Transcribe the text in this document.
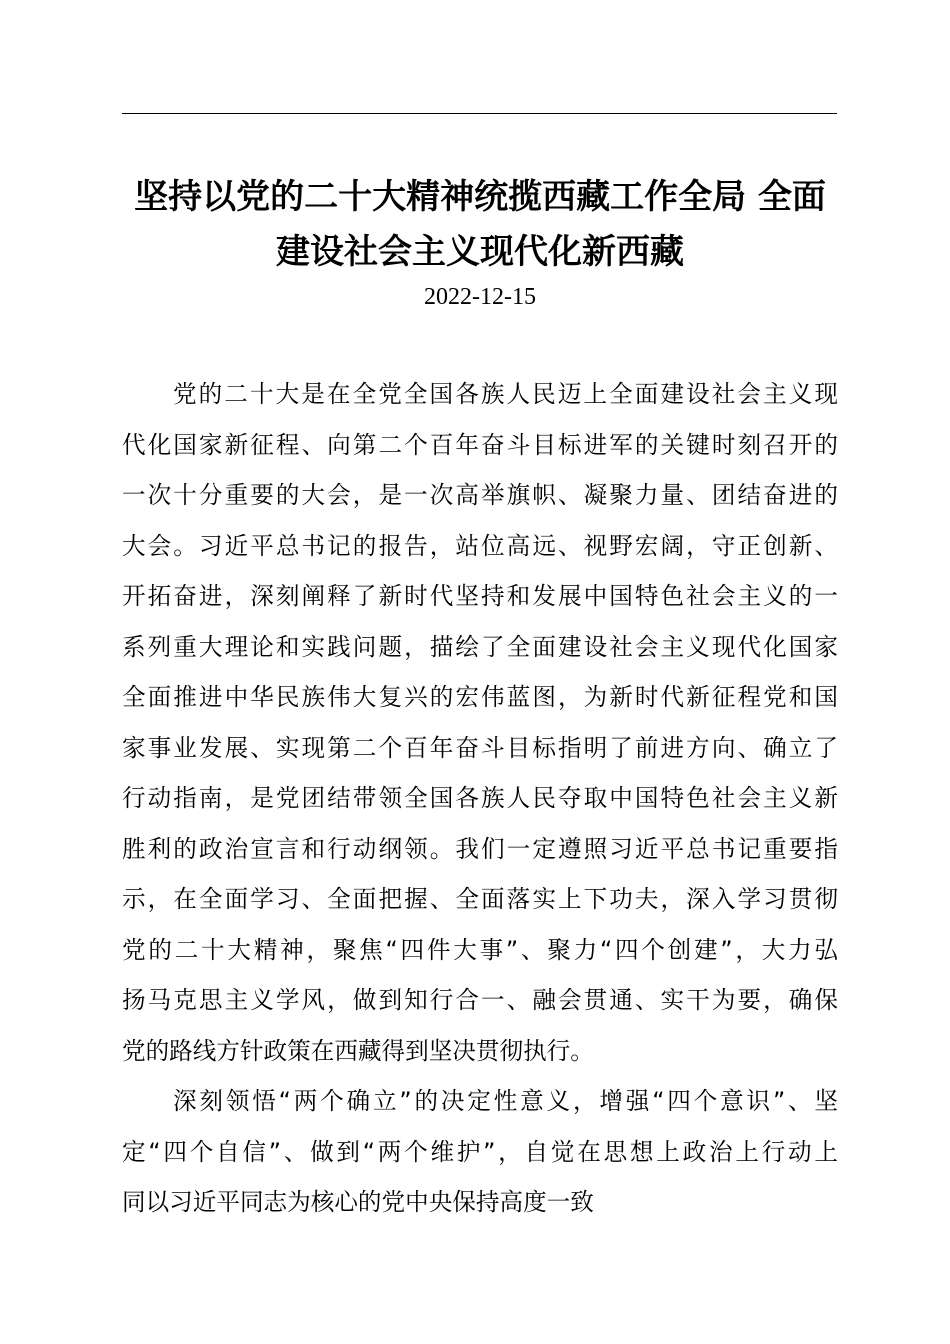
坚持以党的二十大精神统揽西藏工作全局 全面
建设社会主义现代化新西藏
2022-12-15
党的二十大是在全党全国各族人民迈上全面建设社会主义现
代化国家新征程、向第二个百年奋斗目标进军的关键时刻召开的
一次十分重要的大会，是一次高举旗帜、凝聚力量、团结奋进的
大会。习近平总书记的报告，站位高远、视野宏阔，守正创新、
开拓奋进，深刻阐释了新时代坚持和发展中国特色社会主义的一
系列重大理论和实践问题，描绘了全面建设社会主义现代化国家
全面推进中华民族伟大复兴的宏伟蓝图，为新时代新征程党和国
家事业发展、实现第二个百年奋斗目标指明了前进方向、确立了
行动指南，是党团结带领全国各族人民夺取中国特色社会主义新
胜利的政治宣言和行动纲领。我们一定遵照习近平总书记重要指
示，在全面学习、全面把握、全面落实上下功夫，深入学习贯彻
党的二十大精神，聚焦“四件大事”、聚力“四个创建”，大力弘
扬马克思主义学风，做到知行合一、融会贯通、实干为要，确保
党的路线方针政策在西藏得到坚决贯彻执行。
深刻领悟“两个确立”的决定性意义，增强“四个意识”、坚
定“四个自信”、做到“两个维护”，自觉在思想上政治上行动上
同以习近平同志为核心的党中央保持高度一致
